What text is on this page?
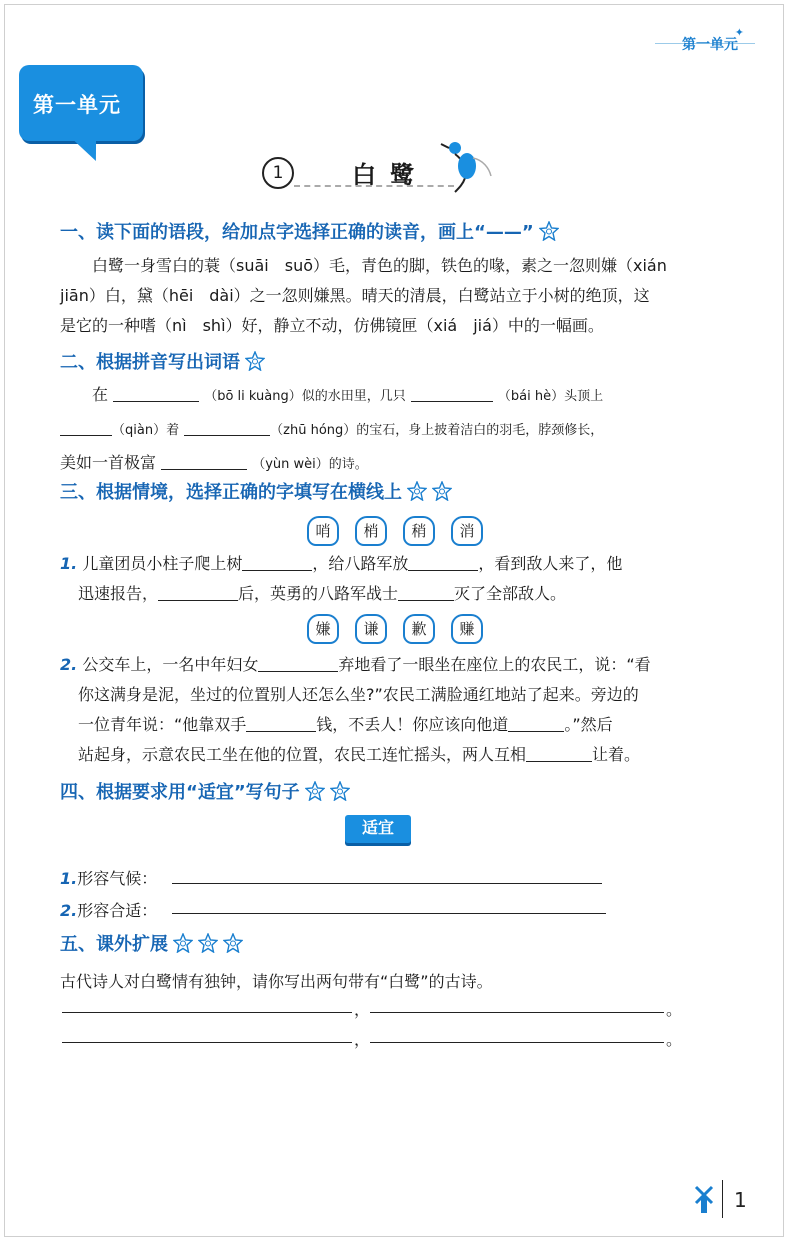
第一单元
✦
第一单元
1	白鹭
一、读下面的语段，给加点字选择正确的读音，画上“——”
白鹭一身雪白的蓑（suāi　suō）毛，青色的脚，铁色的喙，素之一忽则嫌（xián
jiān）白，黛（hēi　dài）之一忽则嫌黑。晴天的清晨，白鹭站立于小树的绝顶，这
是它的一种嗜（nì　shì）好，静立不动，仿佛镜匣（xiá　jiá）中的一幅画。
二、根据拼音写出词语
在	（bō li kuàng）似的水田里，几只	（bái hè）头顶上
（qiàn）着	（zhū hóng）的宝石，身上披着洁白的羽毛，脖颈修长，
美如一首极富	（yùn wèi）的诗。
三、根据情境，选择正确的字填写在横线上
哨 梢 稍 消
1. 儿童团员小柱子爬上树	，给八路军放	，看到敌人来了，他
迅速报告，	后，英勇的八路军战士	灭了全部敌人。
嫌 谦 歉 赚
2. 公交车上，一名中年妇女	弃地看了一眼坐在座位上的农民工，说：“看
你这满身是泥，坐过的位置别人还怎么坐?”农民工满脸通红地站了起来。旁边的
一位青年说：“他靠双手	钱，不丢人！你应该向他道	。”然后
站起身，示意农民工坐在他的位置，农民工连忙摇头，两人互相	让着。
四、根据要求用“适宜”写句子
适宜
1.形容气候：
2.形容合适：
五、课外扩展
古代诗人对白鹭情有独钟，请你写出两句带有“白鹭”的古诗。
，	。
，	。
1
